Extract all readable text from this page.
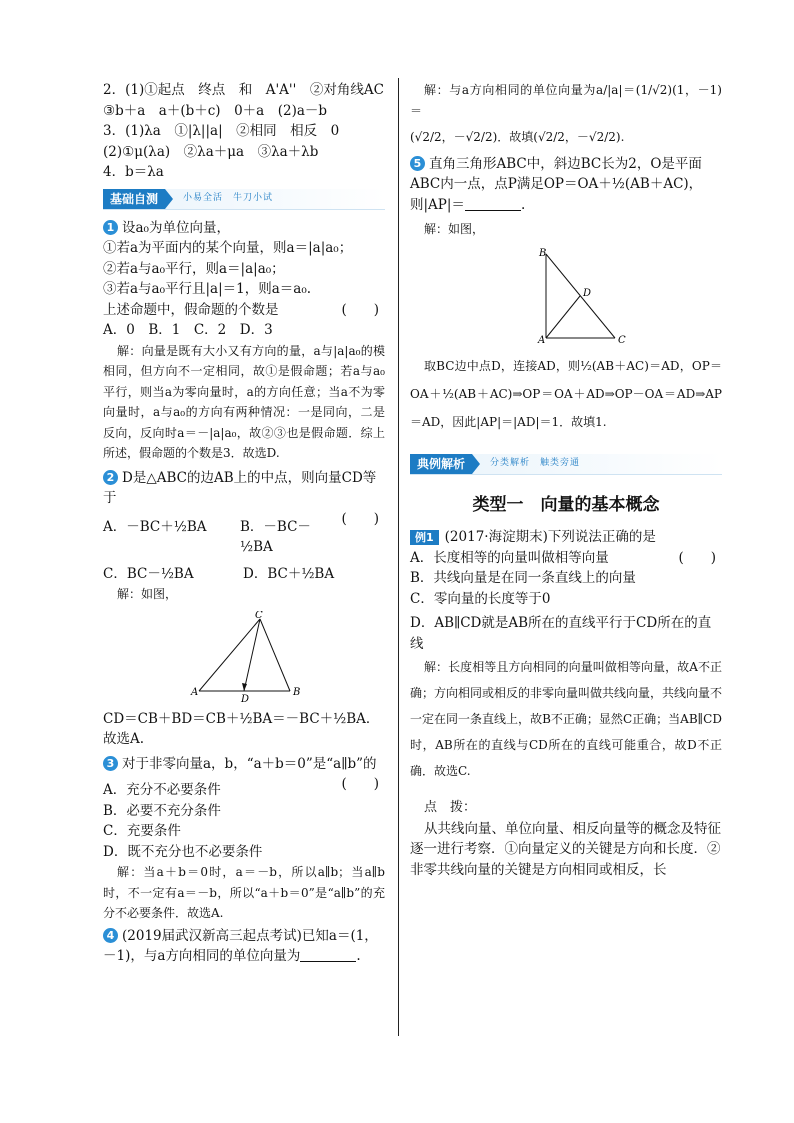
2．(1)①起点　终点　和　A'A''　②对角线AC

③b＋a　a＋(b＋c)　0＋a　(2)a－b

3．(1)λa　①|λ||a|　②相同　相反　0

(2)①μ(λa)　②λa＋μa　③λa＋λb

4．b＝λa

基础自测	小易全活　牛刀小试

1 设a₀为单位向量，

①若a为平面内的某个向量，则a＝|a|a₀；

②若a与a₀平行，则a＝|a|a₀；

③若a与a₀平行且|a|＝1，则a＝a₀.

上述命题中，假命题的个数是	(　　)

A．0　B．1　C．2　D．3

解：向量是既有大小又有方向的量，a与|a|a₀的模相同，但方向不一定相同，故①是假命题；若a与a₀平行，则当a为零向量时，a的方向任意；当a不为零向量时，a与a₀的方向有两种情况：一是同向，二是反向，反向时a＝－|a|a₀，故②③也是假命题．综上所述，假命题的个数是3．故选D.

2 D是△ABC的边AB上的中点，则向量CD等于

(　　)

A．－BC＋½BA	B．－BC－½BA

C．BC－½BA	D．BC＋½BA

解：如图，

C
A
D
B

CD＝CB＋BD＝CB＋½BA＝－BC＋½BA．故选A.

3 对于非零向量a，b，“a＋b＝0”是“a∥b”的

(　　)

A．充分不必要条件

B．必要不充分条件

C．充要条件

D．既不充分也不必要条件

解：当a＋b＝0时，a＝－b，所以a∥b；当a∥b时，不一定有a＝－b，所以“a＋b＝0”是“a∥b”的充分不必要条件．故选A.

4 (2019届武汉新高三起点考试)已知a＝(1，－1)，与a方向相同的单位向量为	.

解：与a方向相同的单位向量为a/|a|＝(1/√2)(1，－1)＝

(√2/2，－√2/2)．故填(√2/2，－√2/2).

5 直角三角形ABC中，斜边BC长为2，O是平面ABC内一点，点P满足OP＝OA＋½(AB＋AC)，则|AP|＝	.

解：如图，

B
D
A	C

取BC边中点D，连接AD，则½(AB＋AC)＝AD，OP＝OA＋½(AB＋AC)⇒OP＝OA＋AD⇒OP－OA＝AD⇒AP＝AD，因此|AP|＝|AD|＝1．故填1.

典例解析	分类解析　触类旁通

类型一　向量的基本概念

例1 (2017·海淀期末)下列说法正确的是

(　　)

A．长度相等的向量叫做相等向量

B．共线向量是在同一条直线上的向量

C．零向量的长度等于0

D．AB∥CD就是AB所在的直线平行于CD所在的直线

解：长度相等且方向相同的向量叫做相等向量，故A不正确；方向相同或相反的非零向量叫做共线向量，共线向量不一定在同一条直线上，故B不正确；显然C正确；当AB∥CD时，AB所在的直线与CD所在的直线可能重合，故D不正确．故选C.

点　拨：

从共线向量、单位向量、相反向量等的概念及特征逐一进行考察．①向量定义的关键是方向和长度．②非零共线向量的关键是方向相同或相反，长
